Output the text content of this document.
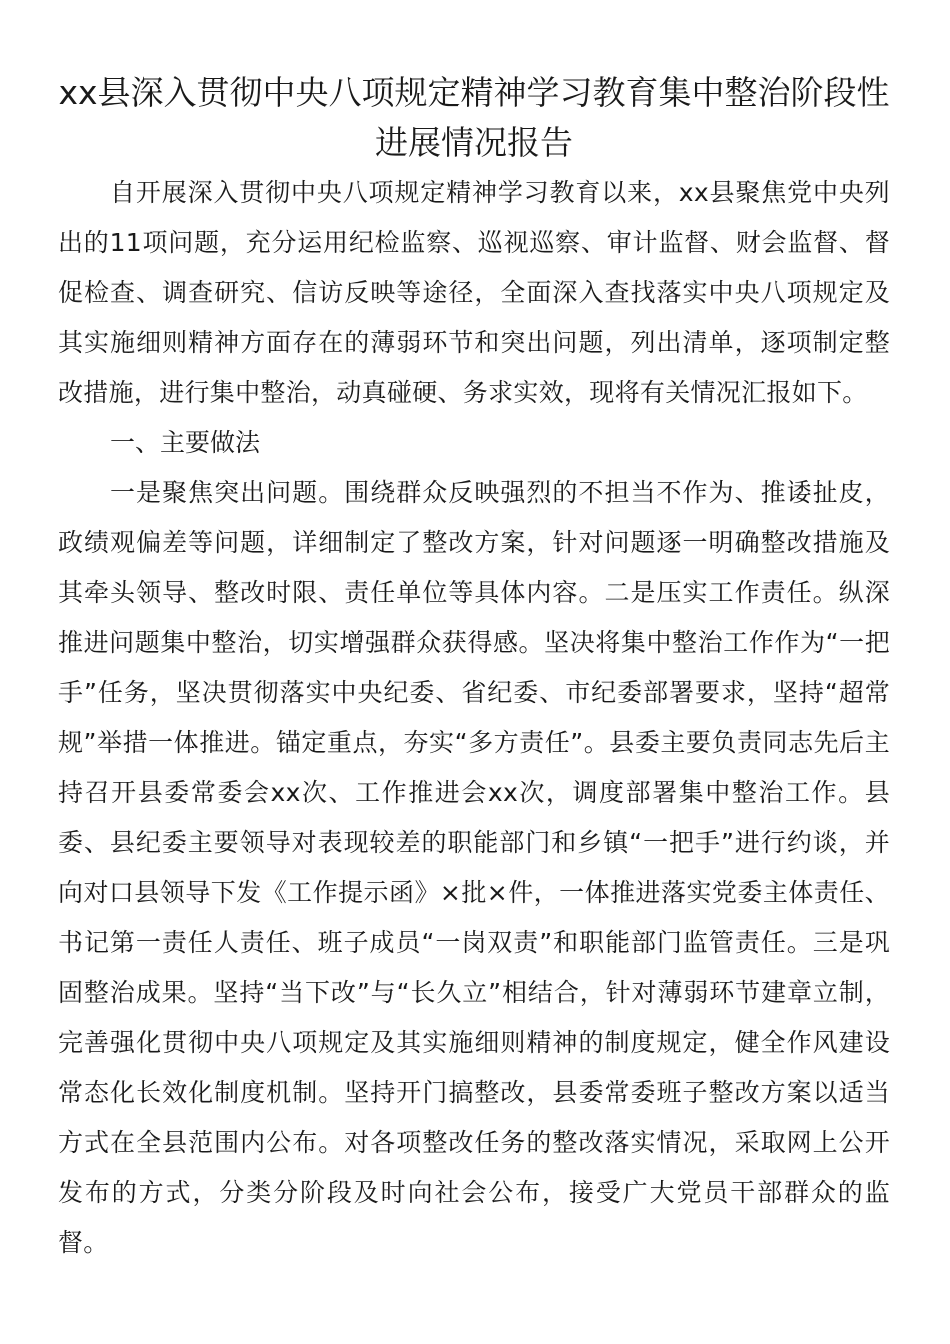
xx县深入贯彻中央八项规定精神学习教育集中整治阶段性进展情况报告

自开展深入贯彻中央八项规定精神学习教育以来，xx县聚焦党中央列出的11项问题，充分运用纪检监察、巡视巡察、审计监督、财会监督、督促检查、调查研究、信访反映等途径，全面深入查找落实中央八项规定及其实施细则精神方面存在的薄弱环节和突出问题，列出清单，逐项制定整改措施，进行集中整治，动真碰硬、务求实效，现将有关情况汇报如下。

一、主要做法

一是聚焦突出问题。围绕群众反映强烈的不担当不作为、推诿扯皮，政绩观偏差等问题，详细制定了整改方案，针对问题逐一明确整改措施及其牵头领导、整改时限、责任单位等具体内容。二是压实工作责任。纵深推进问题集中整治，切实增强群众获得感。坚决将集中整治工作作为“一把手”任务，坚决贯彻落实中央纪委、省纪委、市纪委部署要求，坚持“超常规”举措一体推进。锚定重点，夯实“多方责任”。县委主要负责同志先后主持召开县委常委会xx次、工作推进会xx次，调度部署集中整治工作。县委、县纪委主要领导对表现较差的职能部门和乡镇“一把手”进行约谈，并向对口县领导下发《工作提示函》×批×件，一体推进落实党委主体责任、书记第一责任人责任、班子成员“一岗双责”和职能部门监管责任。三是巩固整治成果。坚持“当下改”与“长久立”相结合，针对薄弱环节建章立制，完善强化贯彻中央八项规定及其实施细则精神的制度规定，健全作风建设常态化长效化制度机制。坚持开门搞整改，县委常委班子整改方案以适当方式在全县范围内公布。对各项整改任务的整改落实情况，采取网上公开发布的方式，分类分阶段及时向社会公布，接受广大党员干部群众的监督。
